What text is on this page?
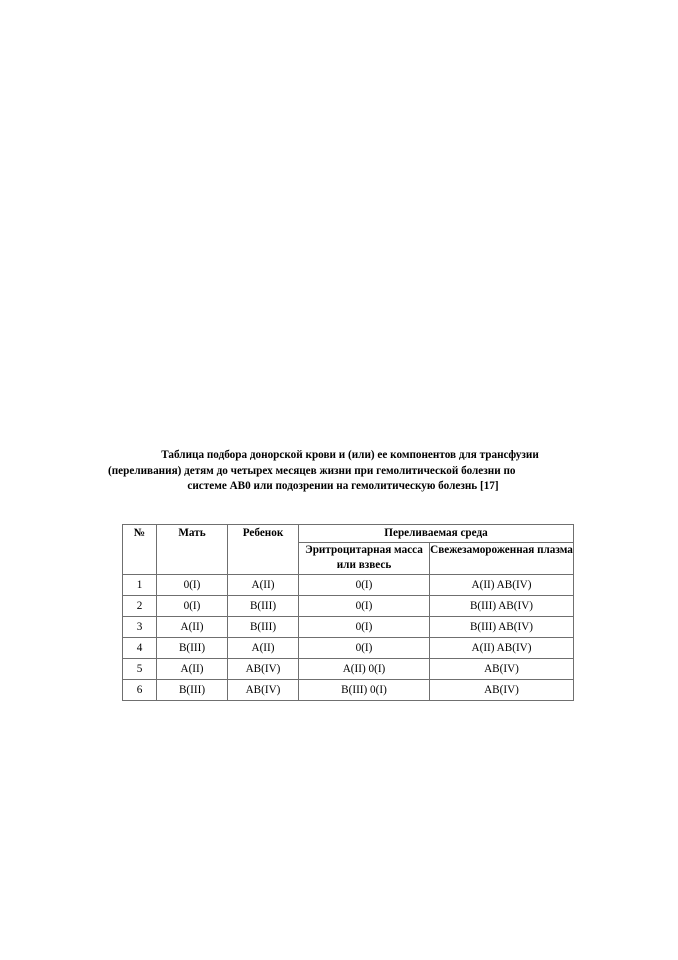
Таблица подбора донорской крови и (или) ее компонентов для трансфузии
(переливания) детям до четырех месяцев жизни при гемолитической болезни по
системе АВ0 или подозрении на гемолитическую болезнь [17]
№	Мать	Ребенок	Переливаемая среда	
			Эритроцитарная масса или взвесь	Свежезамороженная плазма
1	0(I)	A(II)	0(I)	A(II) AB(IV)
2	0(I)	B(III)	0(I)	B(III) AB(IV)
3	A(II)	B(III)	0(I)	B(III) AB(IV)
4	B(III)	A(II)	0(I)	A(II) AB(IV)
5	A(II)	AB(IV)	A(II) 0(I)	AB(IV)
6	B(III)	AB(IV)	B(III) 0(I)	AB(IV)
